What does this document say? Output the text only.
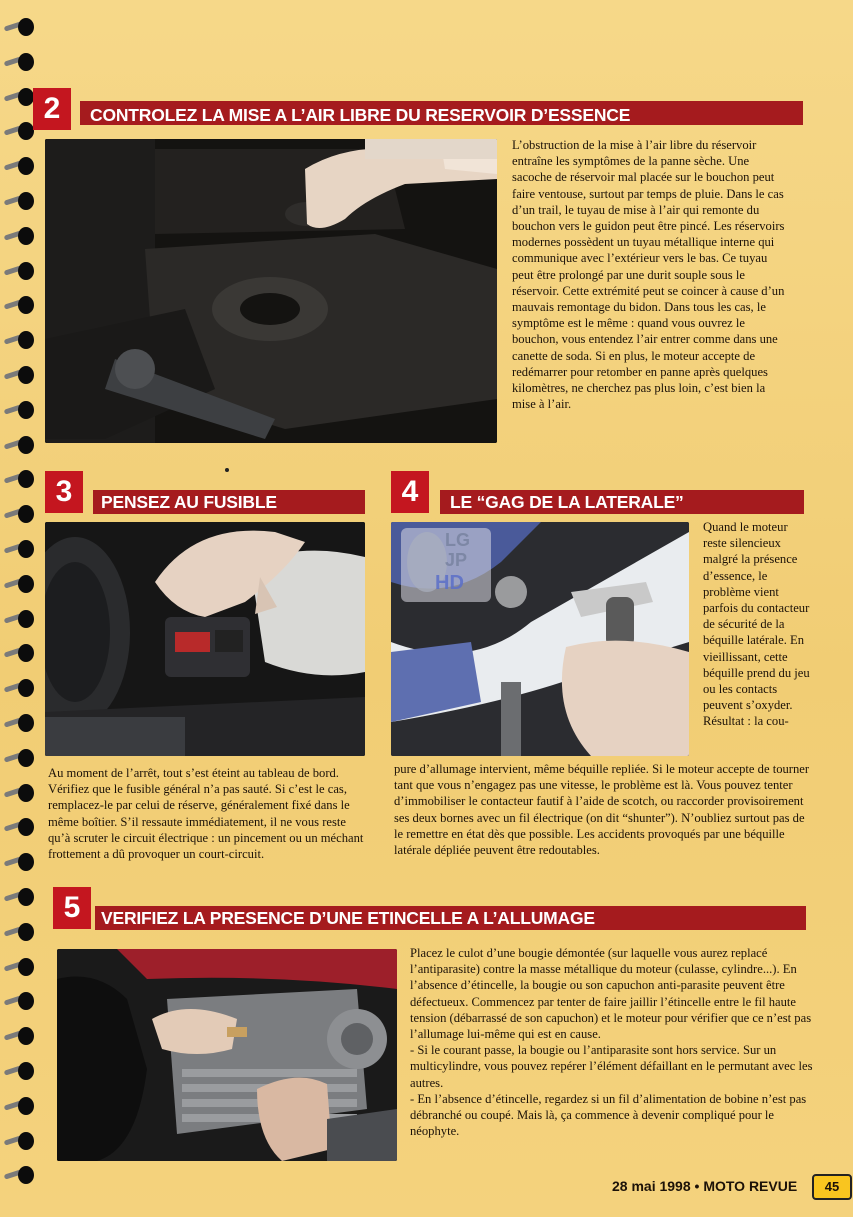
2	CONTROLEZ LA MISE A L’AIR LIBRE DU RESERVOIR D’ESSENCE
L’obstruction de la mise à l’air libre du réservoir entraîne les symptômes de la panne sèche. Une sacoche de réservoir mal placée sur le bouchon peut faire ventouse, surtout par temps de pluie. Dans le cas d’un trail, le tuyau de mise à l’air qui remonte du bouchon vers le guidon peut être pincé. Les réservoirs modernes possèdent un tuyau métallique interne qui communique avec l’extérieur vers le bas. Ce tuyau peut être prolongé par une durit souple sous le réservoir. Cette extrémité peut se coincer à cause d’un mauvais remontage du bidon. Dans tous les cas, le symptôme est le même : quand vous ouvrez le bouchon, vous entendez l’air entrer comme dans une canette de soda. Si en plus, le moteur accepte de redémarrer pour retomber en panne après quelques kilomètres, ne cherchez pas plus loin, c’est bien la mise à l’air.
3	PENSEZ AU FUSIBLE
Au moment de l’arrêt, tout s’est éteint au tableau de bord. Vérifiez que le fusible général n’a pas sauté. Si c’est le cas, remplacez-le par celui de réserve, généralement fixé dans le même boîtier. S’il ressaute immédiatement, il ne vous reste qu’à scruter le circuit électrique : un pincement ou un méchant frottement a dû provoquer un court-circuit.
4	LE “GAG DE LA LATERALE”
LG
JP
HD
Quand le moteur reste silencieux malgré la présence d’essence, le problème vient parfois du contacteur de sécurité de la béquille latérale. En vieillissant, cette béquille prend du jeu ou les contacts peuvent s’oxyder. Résultat : la cou-
pure d’allumage intervient, même béquille repliée. Si le moteur accepte de tourner tant que vous n’engagez pas une vitesse, le problème est là. Vous pouvez tenter d’immobiliser le contacteur fautif à l’aide de scotch, ou raccorder provisoirement ses deux bornes avec un fil électrique (on dit “shunter”). N’oubliez surtout pas de le remettre en état dès que possible. Les accidents provoqués par une béquille latérale dépliée peuvent être redoutables.
5	VERIFIEZ LA PRESENCE D’UNE ETINCELLE A L’ALLUMAGE
Placez le culot d’une bougie démontée (sur laquelle vous aurez replacé l’antiparasite) contre la masse métallique du moteur (culasse, cylindre...). En l’absence d’étincelle, la bougie ou son capuchon anti-parasite peuvent être défectueux. Commencez par tenter de faire jaillir l’étincelle entre le fil haute tension (débarrassé de son capuchon) et le moteur pour vérifier que ce n’est pas l’allumage lui-même qui est en cause.
- Si le courant passe, la bougie ou l’antiparasite sont hors service. Sur un multicylindre, vous pouvez repérer l’élément défaillant en le permutant avec les autres.
- En l’absence d’étincelle, regardez si un fil d’alimentation de bobine n’est pas débranché ou coupé. Mais là, ça commence à devenir compliqué pour le néophyte.
28 mai 1998 • MOTO REVUE	45
